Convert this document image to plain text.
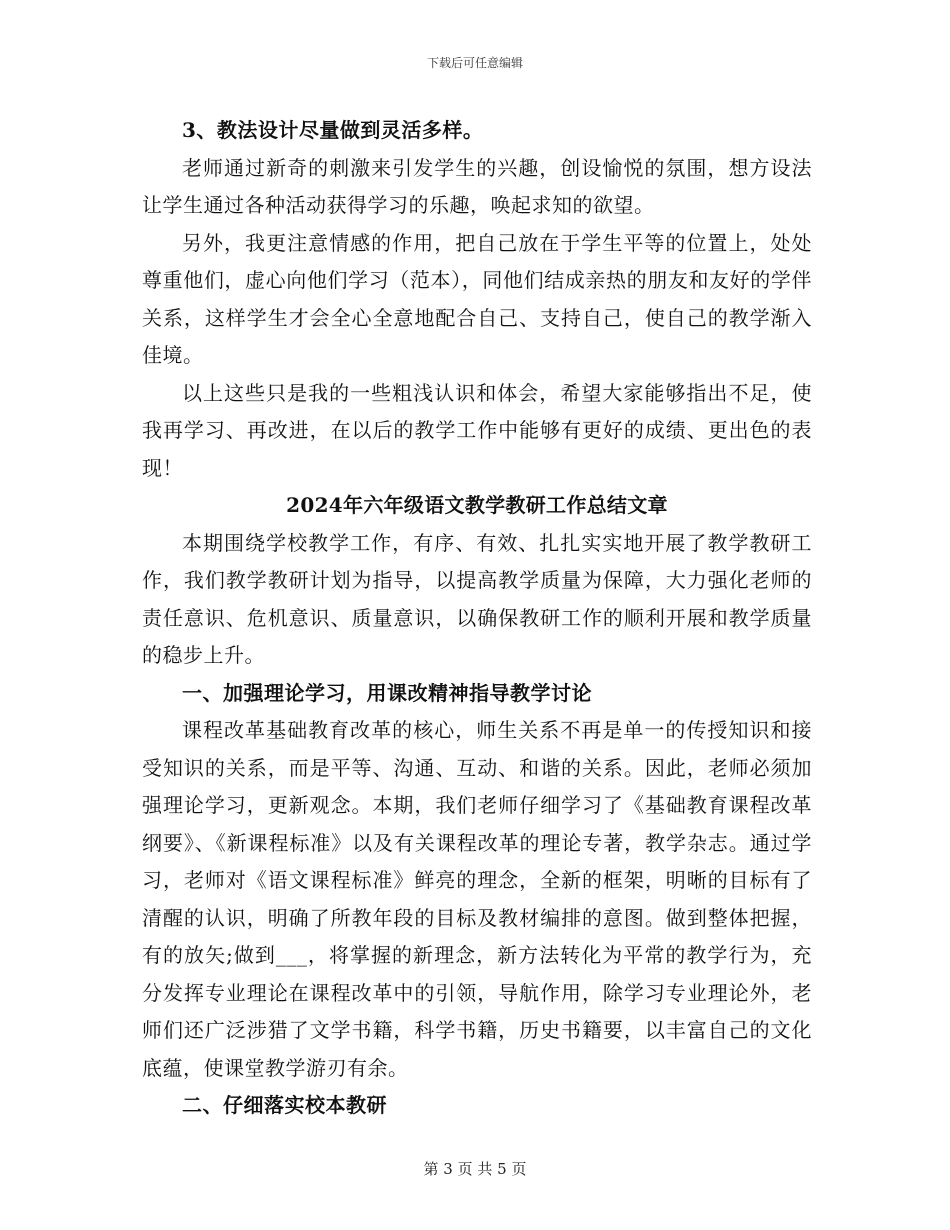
下载后可任意编辑

3、教法设计尽量做到灵活多样。

老师通过新奇的刺激来引发学生的兴趣，创设愉悦的氛围，想方设法让学生通过各种活动获得学习的乐趣，唤起求知的欲望。

另外，我更注意情感的作用，把自己放在于学生平等的位置上，处处尊重他们，虚心向他们学习（范本），同他们结成亲热的朋友和友好的学伴关系，这样学生才会全心全意地配合自己、支持自己，使自己的教学渐入佳境。

以上这些只是我的一些粗浅认识和体会，希望大家能够指出不足，使我再学习、再改进，在以后的教学工作中能够有更好的成绩、更出色的表现！

2024年六年级语文教学教研工作总结文章

本期围绕学校教学工作，有序、有效、扎扎实实地开展了教学教研工作，我们教学教研计划为指导，以提高教学质量为保障，大力强化老师的责任意识、危机意识、质量意识，以确保教研工作的顺利开展和教学质量的稳步上升。

一、加强理论学习，用课改精神指导教学讨论

课程改革基础教育改革的核心，师生关系不再是单一的传授知识和接受知识的关系，而是平等、沟通、互动、和谐的关系。因此，老师必须加强理论学习，更新观念。本期，我们老师仔细学习了《基础教育课程改革纲要》、《新课程标准》以及有关课程改革的理论专著，教学杂志。通过学习，老师对《语文课程标准》鲜亮的理念，全新的框架，明晰的目标有了清醒的认识，明确了所教年段的目标及教材编排的意图。做到整体把握，有的放矢;做到___，将掌握的新理念，新方法转化为平常的教学行为，充分发挥专业理论在课程改革中的引领，导航作用，除学习专业理论外，老师们还广泛涉猎了文学书籍，科学书籍，历史书籍要，以丰富自己的文化底蕴，使课堂教学游刃有余。

二、仔细落实校本教研

第 3 页 共 5 页
